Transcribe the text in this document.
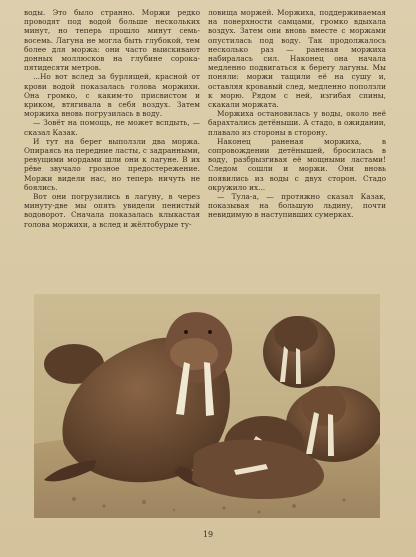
воды. Это было странно. Моржи редко проводят под водой больше нескольких минут, но теперь прошло минут семь-восемь. Лагуна не могла быть глубокой, тем более для моржа: они часто выискивают донных моллюсков на глубине сорока-пятидесяти метров.

...Но вот вслед за бурлящей, красной от крови водой показалась голова моржихи. Она громко, с каким-то присвистом и криком, втягивала в себя воздух. Затем моржиха вновь погрузилась в воду.

— Зовёт на помощь, не может вспдыть, — сказал Казак.

И тут на берег выползли два моржа. Опираясь на передние ласты, с задранными, ревущими мордами шли они к лагуне. В их рёве звучало грозное предостережение. Моржи видели нас, но теперь ничуть не боялись.

Вот они погрузились в лагуну, в через минуту-две мы опять увидели пенистый водоворот. Сначала показалась клыкастая голова моржихи, а вслед и жёлтобурые ту-

ловища моржей. Моржиха, поддерживаемая на поверхности самцами, громко вдыхала воздух. Затем они вновь вместе с моржами опустилась под воду. Так продолжалось несколько раз — раненая моржиха набиралась сил. Наконец она начала медленно подвигаться к берегу лагуны. Мы поняли: моржи тащили её на сушу и, оставляя кровавый след, медленно поползли к морю. Рядом с ней, изгибая спины, скакали моржата.

Моржиха остановилась у воды, около неё барахтались детёныши. А стадо, в ожидании, плавало из стороны в сторону.

Наконец раненая моржиха, в сопровождении детёнышей, бросилась в воду, разбрызгивая её мощными ластами! Следом сошли и моржи. Они вновь появились из воды с двух сторон. Стадо окружило их...

— Тула-а, — протяжно сказал Казак, показывая на большую льдину, почти невидимую в наступивших сумерках.

19
